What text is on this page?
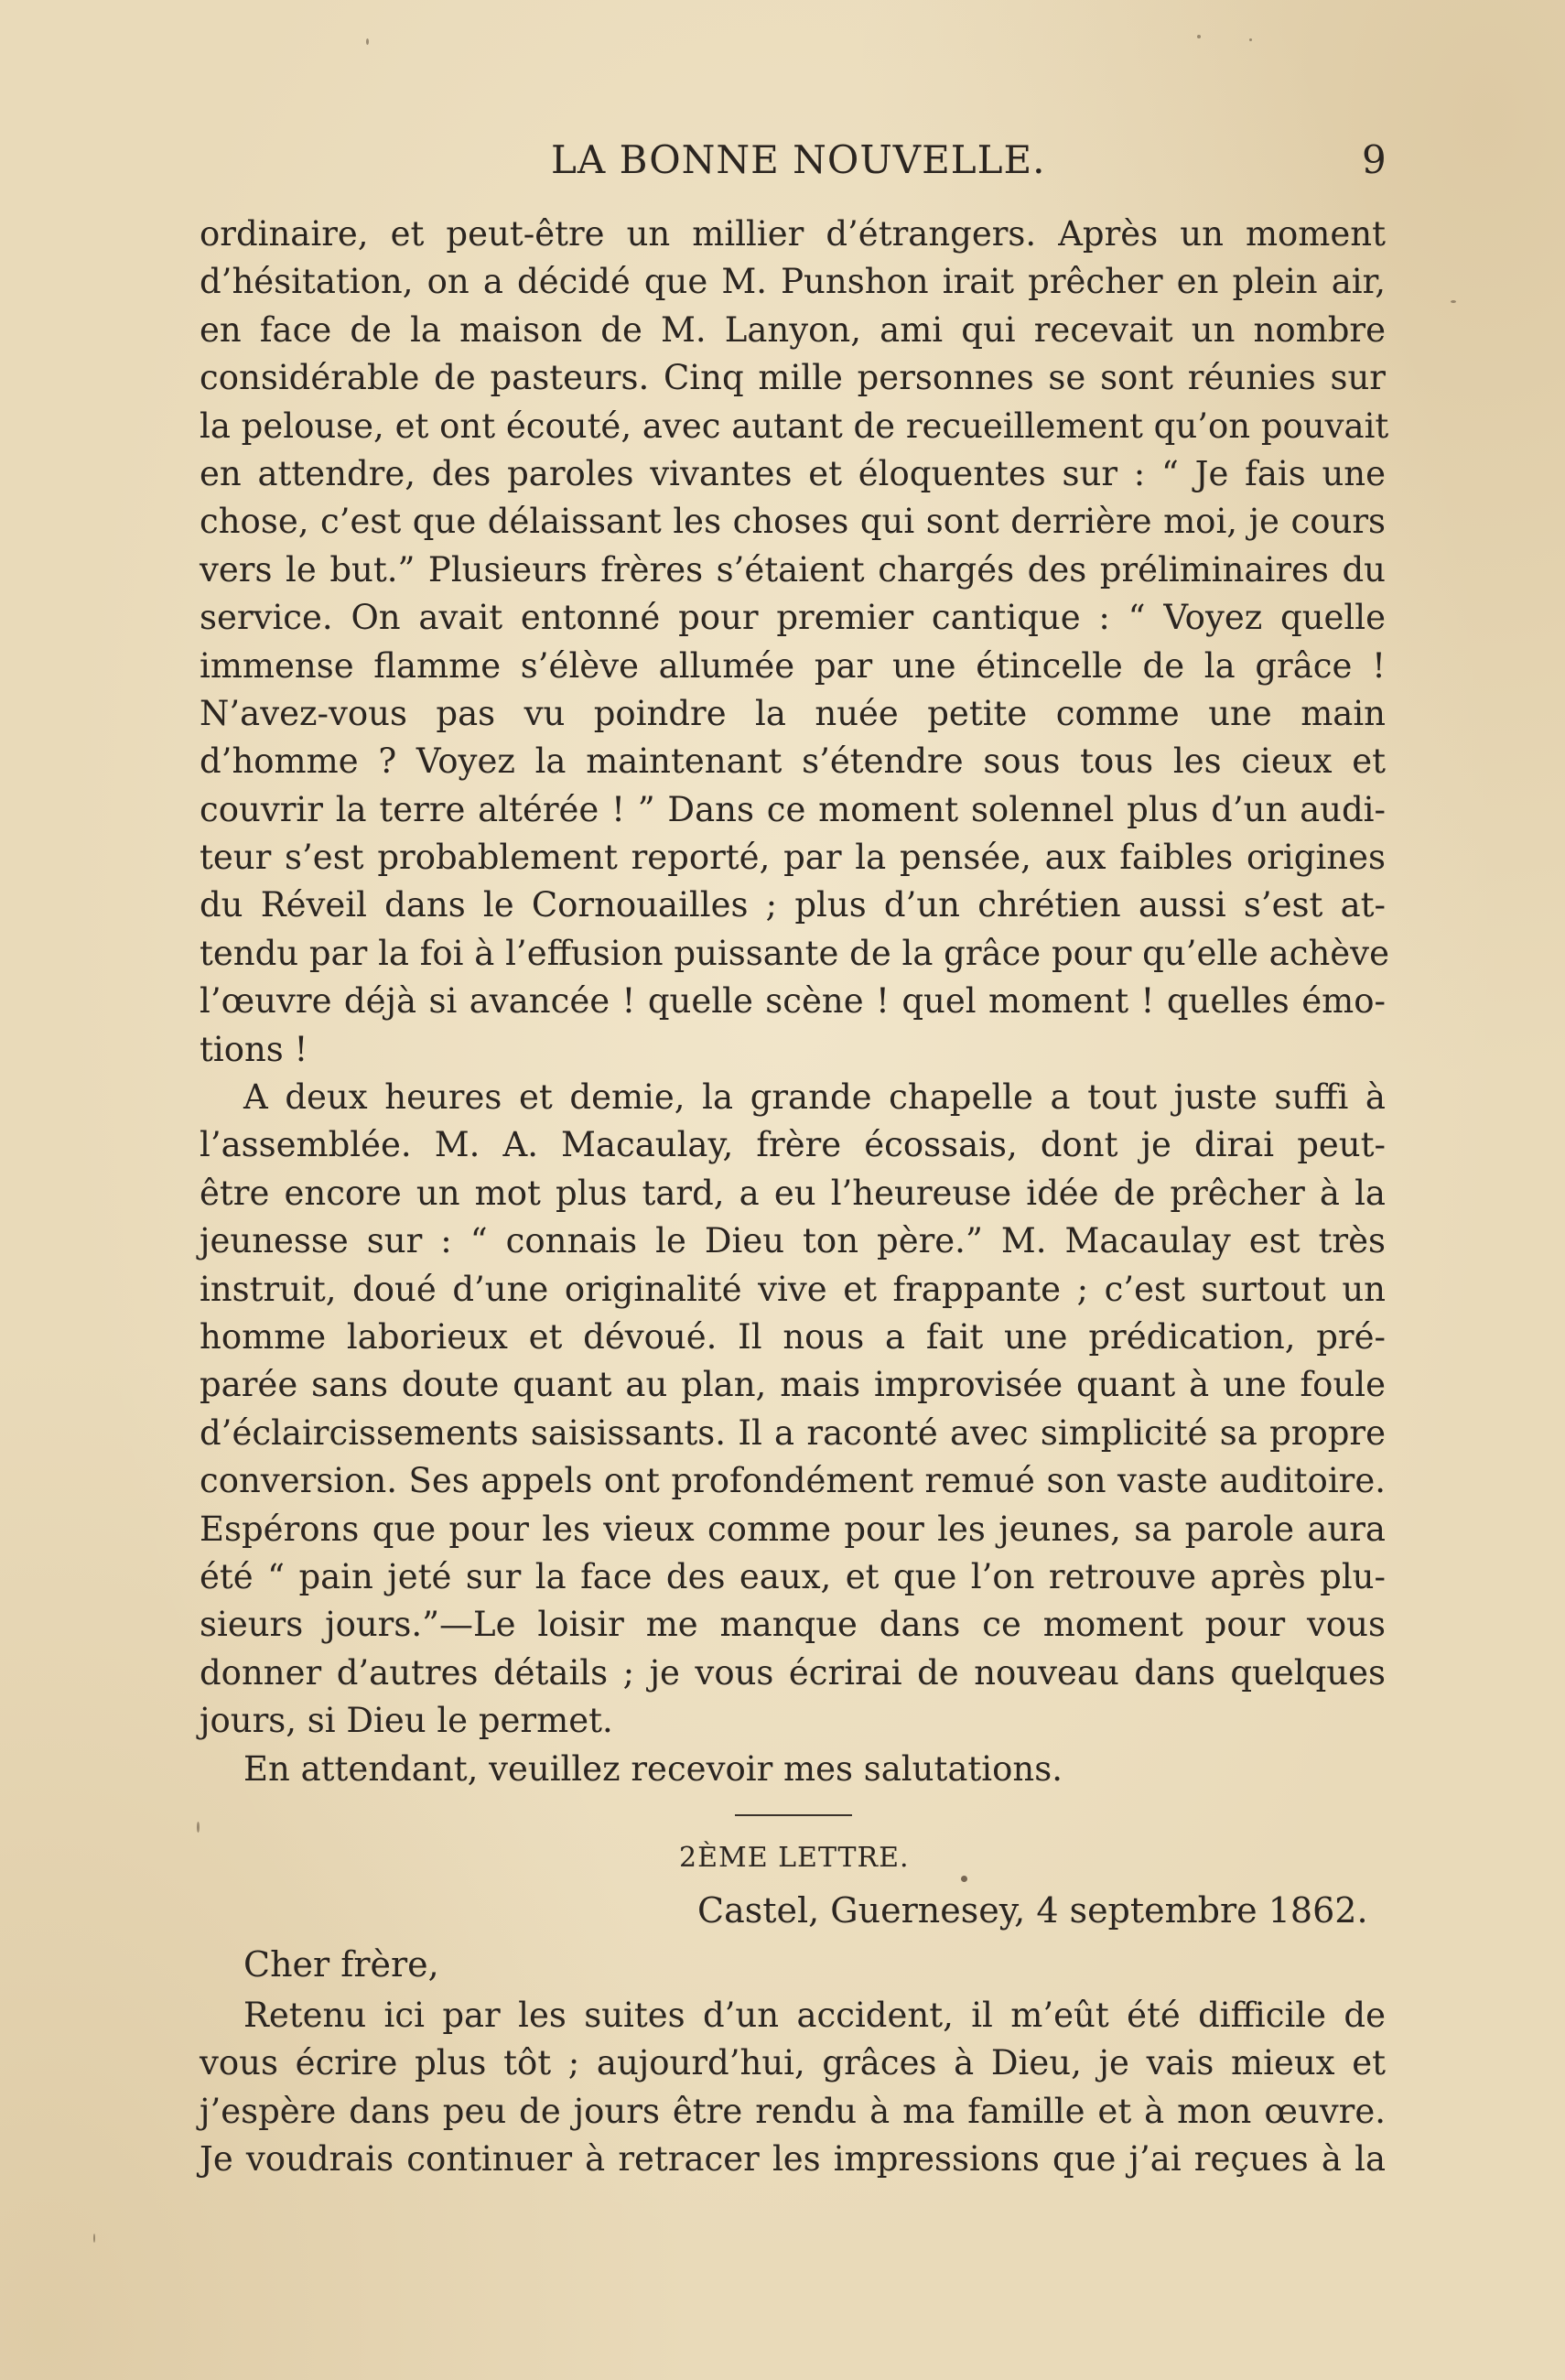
LA BONNE NOUVELLE.	9
ordinaire, et peut-être un millier d’étrangers. Après un moment
d’hésitation, on a décidé que M. Punshon irait prêcher en plein air,
en face de la maison de M. Lanyon, ami qui recevait un nombre
considérable de pasteurs. Cinq mille personnes se sont réunies sur
la pelouse, et ont écouté, avec autant de recueillement qu’on pouvait
en attendre, des paroles vivantes et éloquentes sur : “ Je fais une
chose, c’est que délaissant les choses qui sont derrière moi, je cours
vers le but.” Plusieurs frères s’étaient chargés des préliminaires du
service. On avait entonné pour premier cantique : “ Voyez quelle
immense flamme s’élève allumée par une étincelle de la grâce !
N’avez-vous pas vu poindre la nuée petite comme une main
d’homme ? Voyez la maintenant s’étendre sous tous les cieux et
couvrir la terre altérée ! ” Dans ce moment solennel plus d’un audi-
teur s’est probablement reporté, par la pensée, aux faibles origines
du Réveil dans le Cornouailles ; plus d’un chrétien aussi s’est at-
tendu par la foi à l’effusion puissante de la grâce pour qu’elle achève
l’œuvre déjà si avancée ! quelle scène ! quel moment ! quelles émo-
tions !
A deux heures et demie, la grande chapelle a tout juste suffi à
l’assemblée. M. A. Macaulay, frère écossais, dont je dirai peut-
être encore un mot plus tard, a eu l’heureuse idée de prêcher à la
jeunesse sur : “ connais le Dieu ton père.” M. Macaulay est très
instruit, doué d’une originalité vive et frappante ; c’est surtout un
homme laborieux et dévoué. Il nous a fait une prédication, pré-
parée sans doute quant au plan, mais improvisée quant à une foule
d’éclaircissements saisissants. Il a raconté avec simplicité sa propre
conversion. Ses appels ont profondément remué son vaste auditoire.
Espérons que pour les vieux comme pour les jeunes, sa parole aura
été “ pain jeté sur la face des eaux, et que l’on retrouve après plu-
sieurs jours.”—Le loisir me manque dans ce moment pour vous
donner d’autres détails ; je vous écrirai de nouveau dans quelques
jours, si Dieu le permet.
En attendant, veuillez recevoir mes salutations.
2ÈME LETTRE.
Castel, Guernesey, 4 septembre 1862.
Cher frère,
Retenu ici par les suites d’un accident, il m’eût été difficile de
vous écrire plus tôt ; aujourd’hui, grâces à Dieu, je vais mieux et
j’espère dans peu de jours être rendu à ma famille et à mon œuvre.
Je voudrais continuer à retracer les impressions que j’ai reçues à la
